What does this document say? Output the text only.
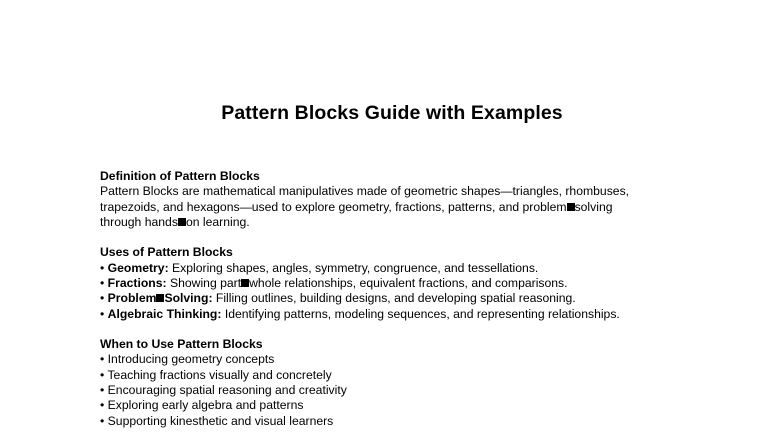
Pattern Blocks Guide with Examples
Definition of Pattern Blocks
Pattern Blocks are mathematical manipulatives made of geometric shapes—triangles, rhombuses,
trapezoids, and hexagons—used to explore geometry, fractions, patterns, and problem solving
through hands on learning.
Uses of Pattern Blocks
• Geometry: Exploring shapes, angles, symmetry, congruence, and tessellations.
• Fractions: Showing part whole relationships, equivalent fractions, and comparisons.
• Problem Solving: Filling outlines, building designs, and developing spatial reasoning.
• Algebraic Thinking: Identifying patterns, modeling sequences, and representing relationships.
When to Use Pattern Blocks
• Introducing geometry concepts
• Teaching fractions visually and concretely
• Encouraging spatial reasoning and creativity
• Exploring early algebra and patterns
• Supporting kinesthetic and visual learners
